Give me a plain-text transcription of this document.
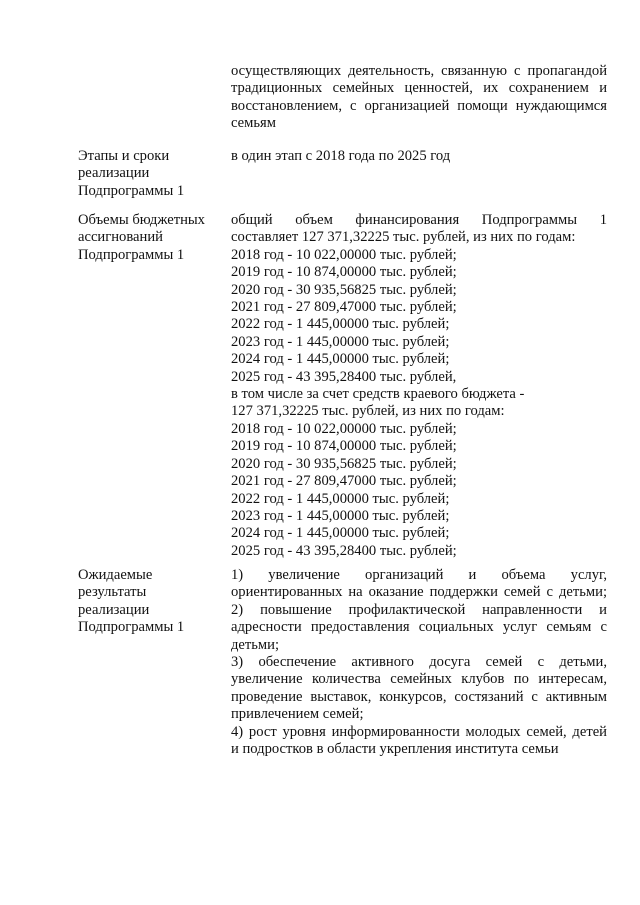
осуществляющих деятельность, связанную с пропагандой
традиционных семейных ценностей, их сохранением и
восстановлением, с организацией помощи нуждающимся
семьям
Этапы и сроки
реализации
Подпрограммы 1
в один этап с 2018 года по 2025 год
Объемы бюджетных
ассигнований
Подпрограммы 1
общий объем финансирования Подпрограммы 1
составляет 127 371,32225 тыс. рублей, из них по годам:
2018 год - 10 022,00000 тыс. рублей;
2019 год - 10 874,00000 тыс. рублей;
2020 год - 30 935,56825 тыс. рублей;
2021 год - 27 809,47000 тыс. рублей;
2022 год - 1 445,00000 тыс. рублей;
2023 год - 1 445,00000 тыс. рублей;
2024 год - 1 445,00000 тыс. рублей;
2025 год - 43 395,28400 тыс. рублей,
в том числе за счет средств краевого бюджета -
127 371,32225 тыс. рублей, из них по годам:
2018 год - 10 022,00000 тыс. рублей;
2019 год - 10 874,00000 тыс. рублей;
2020 год - 30 935,56825 тыс. рублей;
2021 год - 27 809,47000 тыс. рублей;
2022 год - 1 445,00000 тыс. рублей;
2023 год - 1 445,00000 тыс. рублей;
2024 год - 1 445,00000 тыс. рублей;
2025 год - 43 395,28400 тыс. рублей;
Ожидаемые
результаты
реализации
Подпрограммы 1
1) увеличение организаций и объема услуг,
ориентированных на оказание поддержки семей с детьми;
2) повышение профилактической направленности и
адресности предоставления социальных услуг семьям с
детьми;
3) обеспечение активного досуга семей с детьми,
увеличение количества семейных клубов по интересам,
проведение выставок, конкурсов, состязаний с активным
привлечением семей;
4) рост уровня информированности молодых семей, детей
и подростков в области укрепления института семьи
